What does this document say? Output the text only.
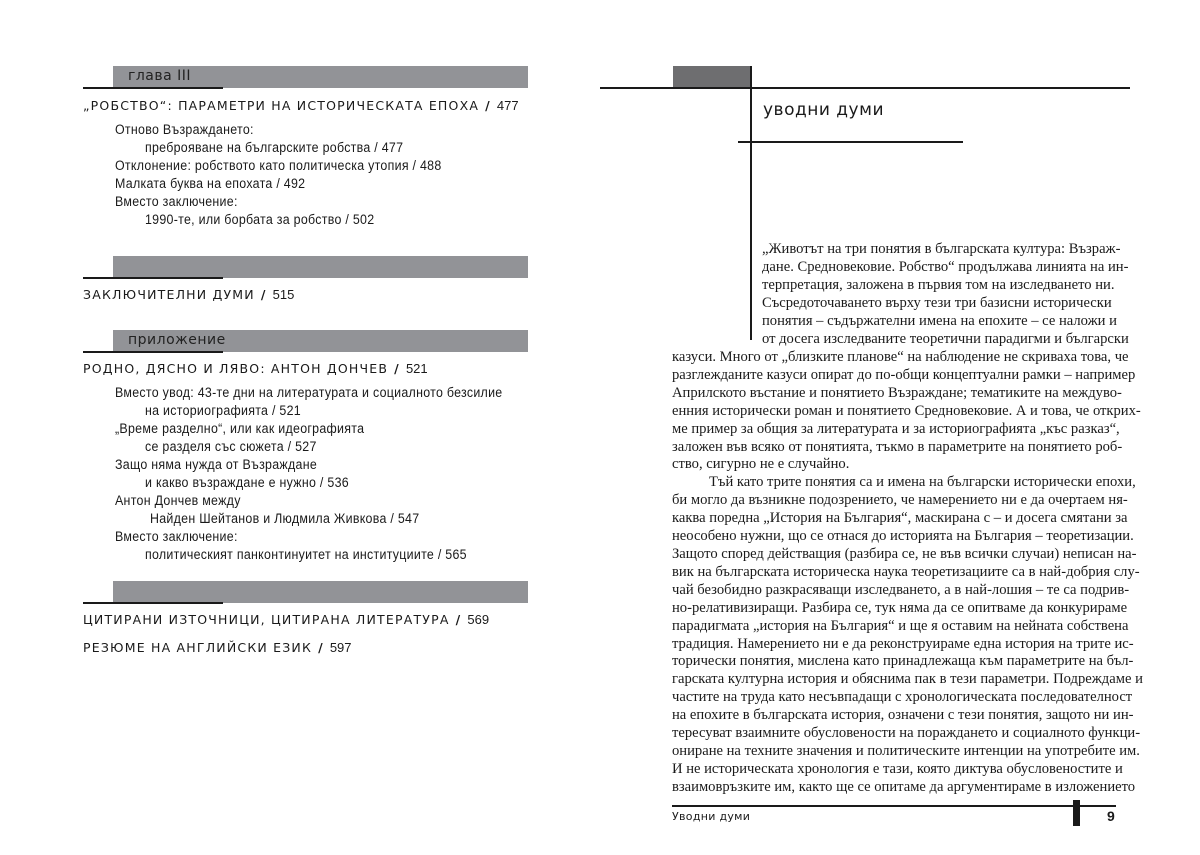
глава III
„РОБСТВО“: ПАРАМЕТРИ НА ИСТОРИЧЕСКАТА ЕПОХА / 477
Отново Възраждането:
преброяване на българските робства / 477
Отклонение: робството като политическа утопия / 488
Малката буква на епохата / 492
Вместо заключение:
1990-те, или борбата за робство / 502
ЗАКЛЮЧИТЕЛНИ ДУМИ / 515
приложение
РОДНО, ДЯСНО И ЛЯВО: АНТОН ДОНЧЕВ / 521
Вместо увод: 43-те дни на литературата и социалното безсилие
на историографията / 521
„Време разделно“, или как идеографията
се разделя със сюжета / 527
Защо няма нужда от Възраждане
и какво възраждане е нужно / 536
Антон Дончев между
Найден Шейтанов и Людмила Живкова / 547
Вместо заключение:
политическият панконтинуитет на институциите / 565
ЦИТИРАНИ ИЗТОЧНИЦИ, ЦИТИРАНА ЛИТЕРАТУРА / 569
РЕЗЮМЕ НА АНГЛИЙСКИ ЕЗИК / 597
уводни думи
„Животът на три понятия в българската култура: Възраж-
дане. Средновековие. Робство“ продължава линията на ин-
терпретация, заложена в първия том на изследването ни.
Съсредоточаването върху тези три базисни исторически
понятия – съдържателни имена на епохите – се наложи и
от досега изследваните теоретични парадигми и български
казуси. Много от „близките планове“ на наблюдение не скриваха това, че
разглежданите казуси опират до по-общи концептуални рамки – например
Априлското въстание и понятието Възраждане; тематиките на междуво-
енния исторически роман и понятието Средновековие. А и това, че открих-
ме пример за общия за литературата и за историографията „къс разказ“,
заложен във всяко от понятията, тъкмо в параметрите на понятието роб-
ство, сигурно не е случайно.
Тъй като трите понятия са и имена на български исторически епохи,
би могло да възникне подозрението, че намерението ни е да очертаем ня-
каква поредна „История на България“, маскирана с – и досега смятани за
неособено нужни, що се отнася до историята на България – теоретизации.
Защото според действащия (разбира се, не във всички случаи) неписан на-
вик на българската историческа наука теоретизациите са в най-добрия слу-
чай безобидно разкрасяващи изследването, а в най-лошия – те са подрив-
но-релативизиращи. Разбира се, тук няма да се опитваме да конкурираме
парадигмата „история на България“ и ще я оставим на нейната собствена
традиция. Намерението ни е да реконструираме една история на трите ис-
торически понятия, мислена като принадлежаща към параметрите на бъл-
гарската културна история и обяснима пак в тези параметри. Подреждаме и
частите на труда като несъвпадащи с хронологическата последователност
на епохите в българската история, означени с тези понятия, защото ни ин-
тересуват взаимните обусловености на пораждането и социалното функци-
ониране на техните значения и политическите интенции на употребите им.
И не историческата хронология е тази, която диктува обусловеностите и
взаимовръзките им, както ще се опитаме да аргументираме в изложението
Уводни думи	9
